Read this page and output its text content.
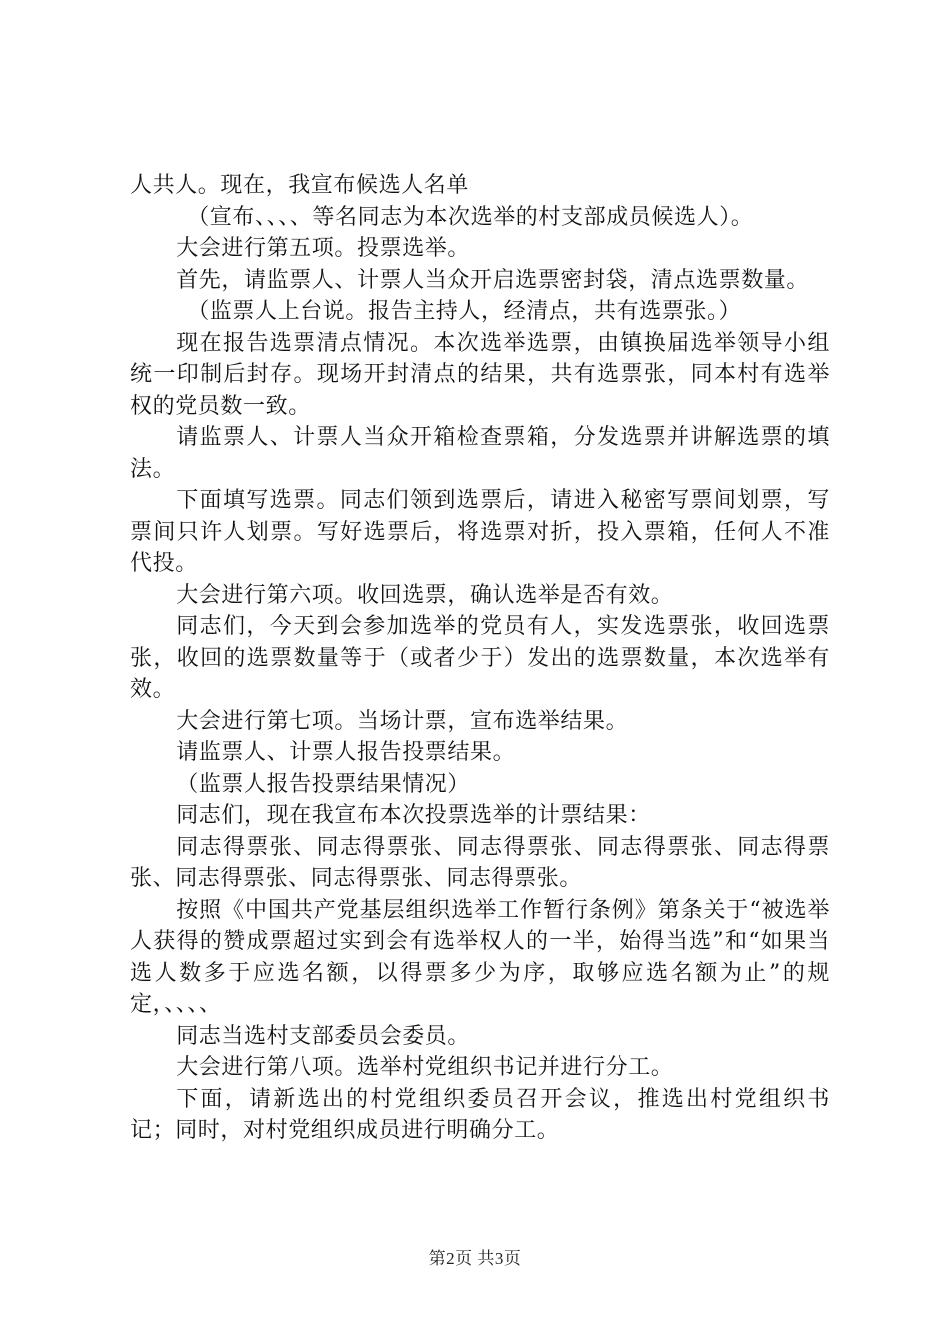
人共人。现在，我宣布候选人名单

（宣布、、、、等名同志为本次选举的村支部成员候选人）。

大会进行第五项。投票选举。

首先，请监票人、计票人当众开启选票密封袋，清点选票数量。

（监票人上台说。报告主持人，经清点，共有选票张。）

现在报告选票清点情况。本次选举选票，由镇换届选举领导小组统一印制后封存。现场开封清点的结果，共有选票张，同本村有选举权的党员数一致。

请监票人、计票人当众开箱检查票箱，分发选票并讲解选票的填法。

下面填写选票。同志们领到选票后，请进入秘密写票间划票，写票间只许人划票。写好选票后，将选票对折，投入票箱，任何人不准代投。

大会进行第六项。收回选票，确认选举是否有效。

同志们，今天到会参加选举的党员有人，实发选票张，收回选票张，收回的选票数量等于（或者少于）发出的选票数量，本次选举有效。

大会进行第七项。当场计票，宣布选举结果。

请监票人、计票人报告投票结果。

（监票人报告投票结果情况）

同志们，现在我宣布本次投票选举的计票结果：

同志得票张、同志得票张、同志得票张、同志得票张、同志得票张、同志得票张、同志得票张、同志得票张。

按照《中国共产党基层组织选举工作暂行条例》第条关于“被选举人获得的赞成票超过实到会有选举权人的一半，始得当选”和“如果当选人数多于应选名额，以得票多少为序，取够应选名额为止”的规定，、、、、

同志当选村支部委员会委员。

大会进行第八项。选举村党组织书记并进行分工。

下面，请新选出的村党组织委员召开会议，推选出村党组织书记；同时，对村党组织成员进行明确分工。

第2页 共3页
